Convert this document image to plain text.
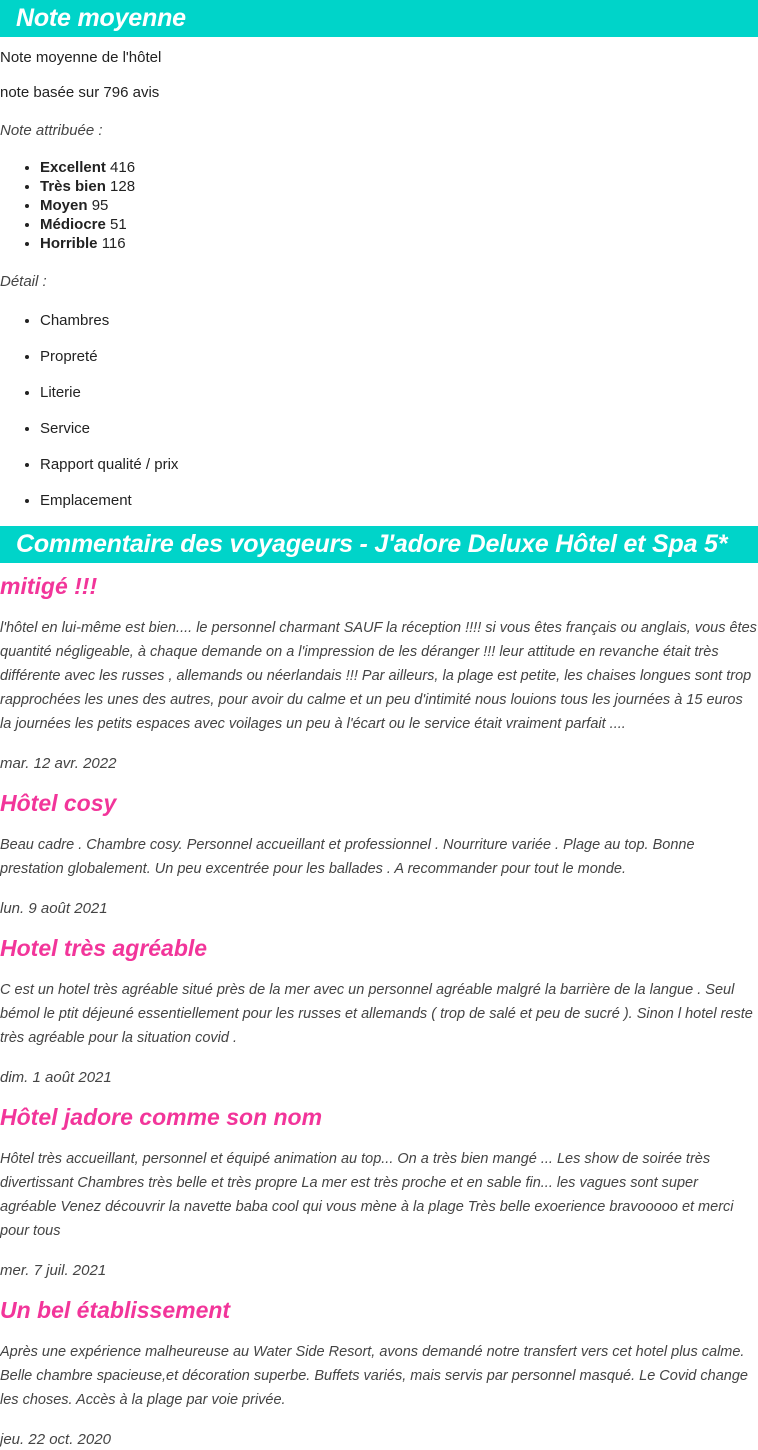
Note moyenne

Note moyenne de l'hôtel

note basée sur 796 avis

Note attribuée :

• Excellent 416
• Très bien 128
• Moyen 95
• Médiocre 51
• Horrible 116

Détail :

• Chambres
• Propreté
• Literie
• Service
• Rapport qualité / prix
• Emplacement
Commentaire des voyageurs - J'adore Deluxe Hôtel et Spa 5*
mitigé !!!

l'hôtel en lui-même est bien.... le personnel charmant SAUF la réception !!!! si vous êtes français ou anglais, vous êtes quantité négligeable, à chaque demande on a l'impression de les déranger !!! leur attitude en revanche était très différente avec les russes , allemands ou néerlandais !!! Par ailleurs, la plage est petite, les chaises longues sont trop rapprochées les unes des autres, pour avoir du calme et un peu d'intimité nous louions tous les journées à 15 euros la journées les petits espaces avec voilages un peu à l'écart ou le service était vraiment parfait ....

mar. 12 avr. 2022

Hôtel cosy

Beau cadre . Chambre cosy. Personnel accueillant et professionnel . Nourriture variée . Plage au top. Bonne prestation globalement. Un peu excentrée pour les ballades . A recommander pour tout le monde.

lun. 9 août 2021

Hotel très agréable

C est un hotel très agréable situé près de la mer avec un personnel agréable malgré la barrière de la langue . Seul bémol le ptit déjeuné essentiellement pour les russes et allemands ( trop de salé et peu de sucré ). Sinon l hotel reste très agréable pour la situation covid .

dim. 1 août 2021

Hôtel jadore comme son nom

Hôtel très accueillant, personnel et équipé animation au top... On a très bien mangé ... Les show de soirée très divertissant Chambres très belle et très propre La mer est très proche et en sable fin... les vagues sont super agréable Venez découvrir la navette baba cool qui vous mène à la plage Très belle exoerience bravooooo et merci pour tous

mer. 7 juil. 2021

Un bel établissement

Après une expérience malheureuse au Water Side Resort, avons demandé notre transfert vers cet hotel plus calme. Belle chambre spacieuse,et décoration superbe. Buffets variés, mais servis par personnel masqué. Le Covid change les choses. Accès à la plage par voie privée.

jeu. 22 oct. 2020
